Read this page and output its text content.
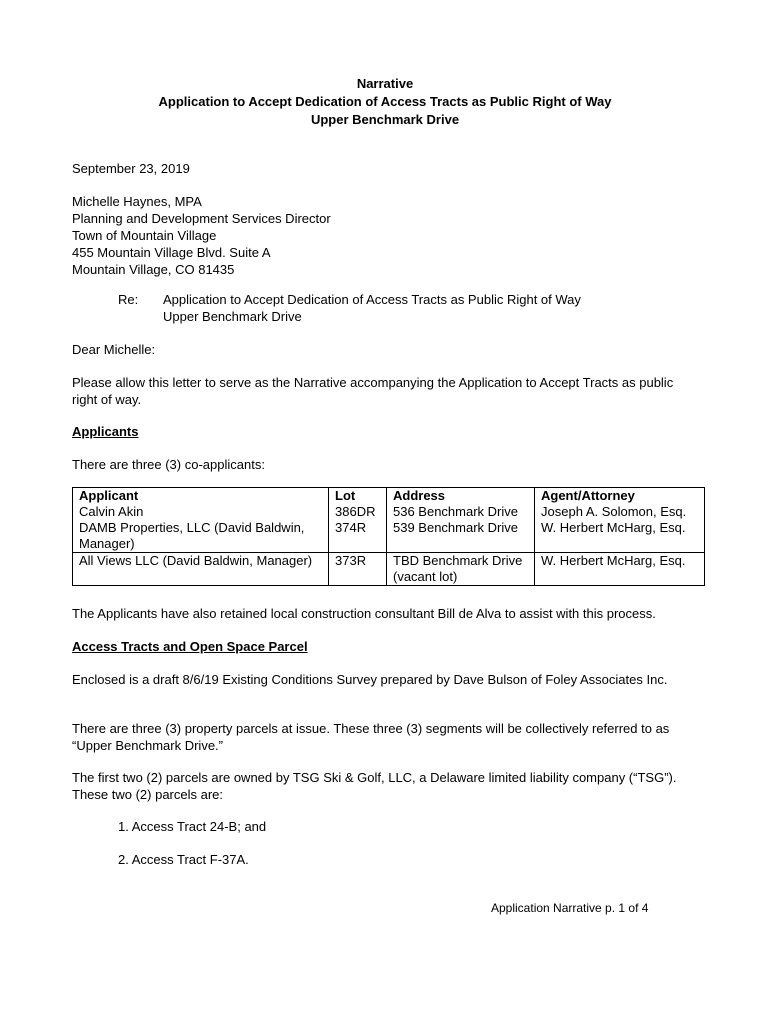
Narrative
Application to Accept Dedication of Access Tracts as Public Right of Way
Upper Benchmark Drive
September 23, 2019
Michelle Haynes, MPA
Planning and Development Services Director
Town of Mountain Village
455 Mountain Village Blvd. Suite A
Mountain Village, CO 81435
Re: Application to Accept Dedication of Access Tracts as Public Right of Way
Upper Benchmark Drive
Dear Michelle:
Please allow this letter to serve as the Narrative accompanying the Application to Accept Tracts as public right of way.
Applicants
There are three (3) co-applicants:
Applicant	Lot	Address	Agent/Attorney
Calvin Akin	386DR	536 Benchmark Drive	Joseph A. Solomon, Esq.
DAMB Properties, LLC (David Baldwin, Manager)	374R	539 Benchmark Drive	W. Herbert McHarg, Esq.
All Views LLC (David Baldwin, Manager)	373R	TBD Benchmark Drive (vacant lot)	W. Herbert McHarg, Esq.
The Applicants have also retained local construction consultant Bill de Alva to assist with this process.
Access Tracts and Open Space Parcel
Enclosed is a draft 8/6/19 Existing Conditions Survey prepared by Dave Bulson of Foley Associates Inc.
There are three (3) property parcels at issue. These three (3) segments will be collectively referred to as “Upper Benchmark Drive.”
The first two (2) parcels are owned by TSG Ski & Golf, LLC, a Delaware limited liability company (“TSG”). These two (2) parcels are:
1. Access Tract 24-B; and
2. Access Tract F-37A.
Application Narrative p. 1 of 4
